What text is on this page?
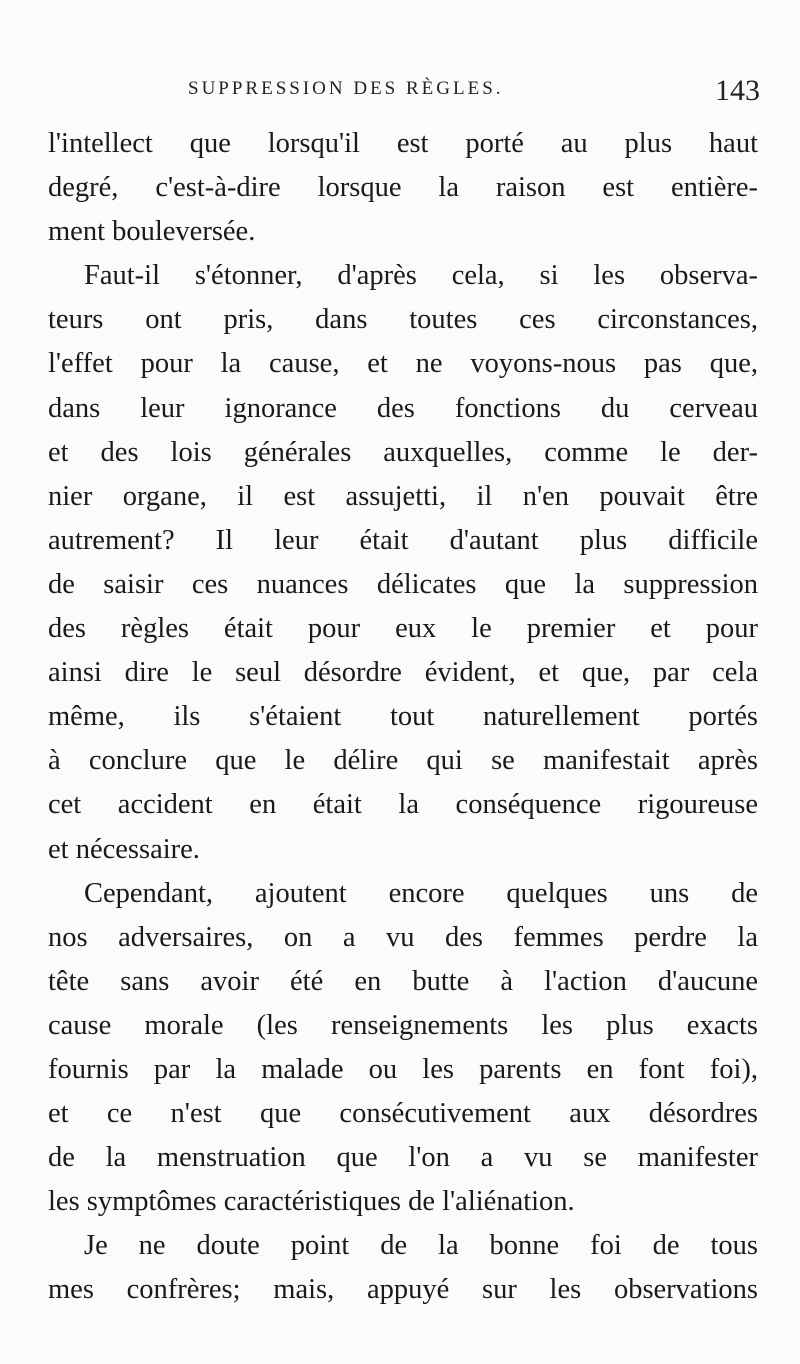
SUPPRESSION DES RÈGLES.	143
l'intellect que lorsqu'il est porté au plus haut
degré, c'est-à-dire lorsque la raison est entière-
ment bouleversée.
Faut-il s'étonner, d'après cela, si les observa-
teurs ont pris, dans toutes ces circonstances,
l'effet pour la cause, et ne voyons-nous pas que,
dans leur ignorance des fonctions du cerveau
et des lois générales auxquelles, comme le der-
nier organe, il est assujetti, il n'en pouvait être
autrement? Il leur était d'autant plus difficile
de saisir ces nuances délicates que la suppression
des règles était pour eux le premier et pour
ainsi dire le seul désordre évident, et que, par cela
même, ils s'étaient tout naturellement portés
à conclure que le délire qui se manifestait après
cet accident en était la conséquence rigoureuse
et nécessaire.
Cependant, ajoutent encore quelques uns de
nos adversaires, on a vu des femmes perdre la
tête sans avoir été en butte à l'action d'aucune
cause morale (les renseignements les plus exacts
fournis par la malade ou les parents en font foi),
et ce n'est que consécutivement aux désordres
de la menstruation que l'on a vu se manifester
les symptômes caractéristiques de l'aliénation.
Je ne doute point de la bonne foi de tous
mes confrères; mais, appuyé sur les observations
